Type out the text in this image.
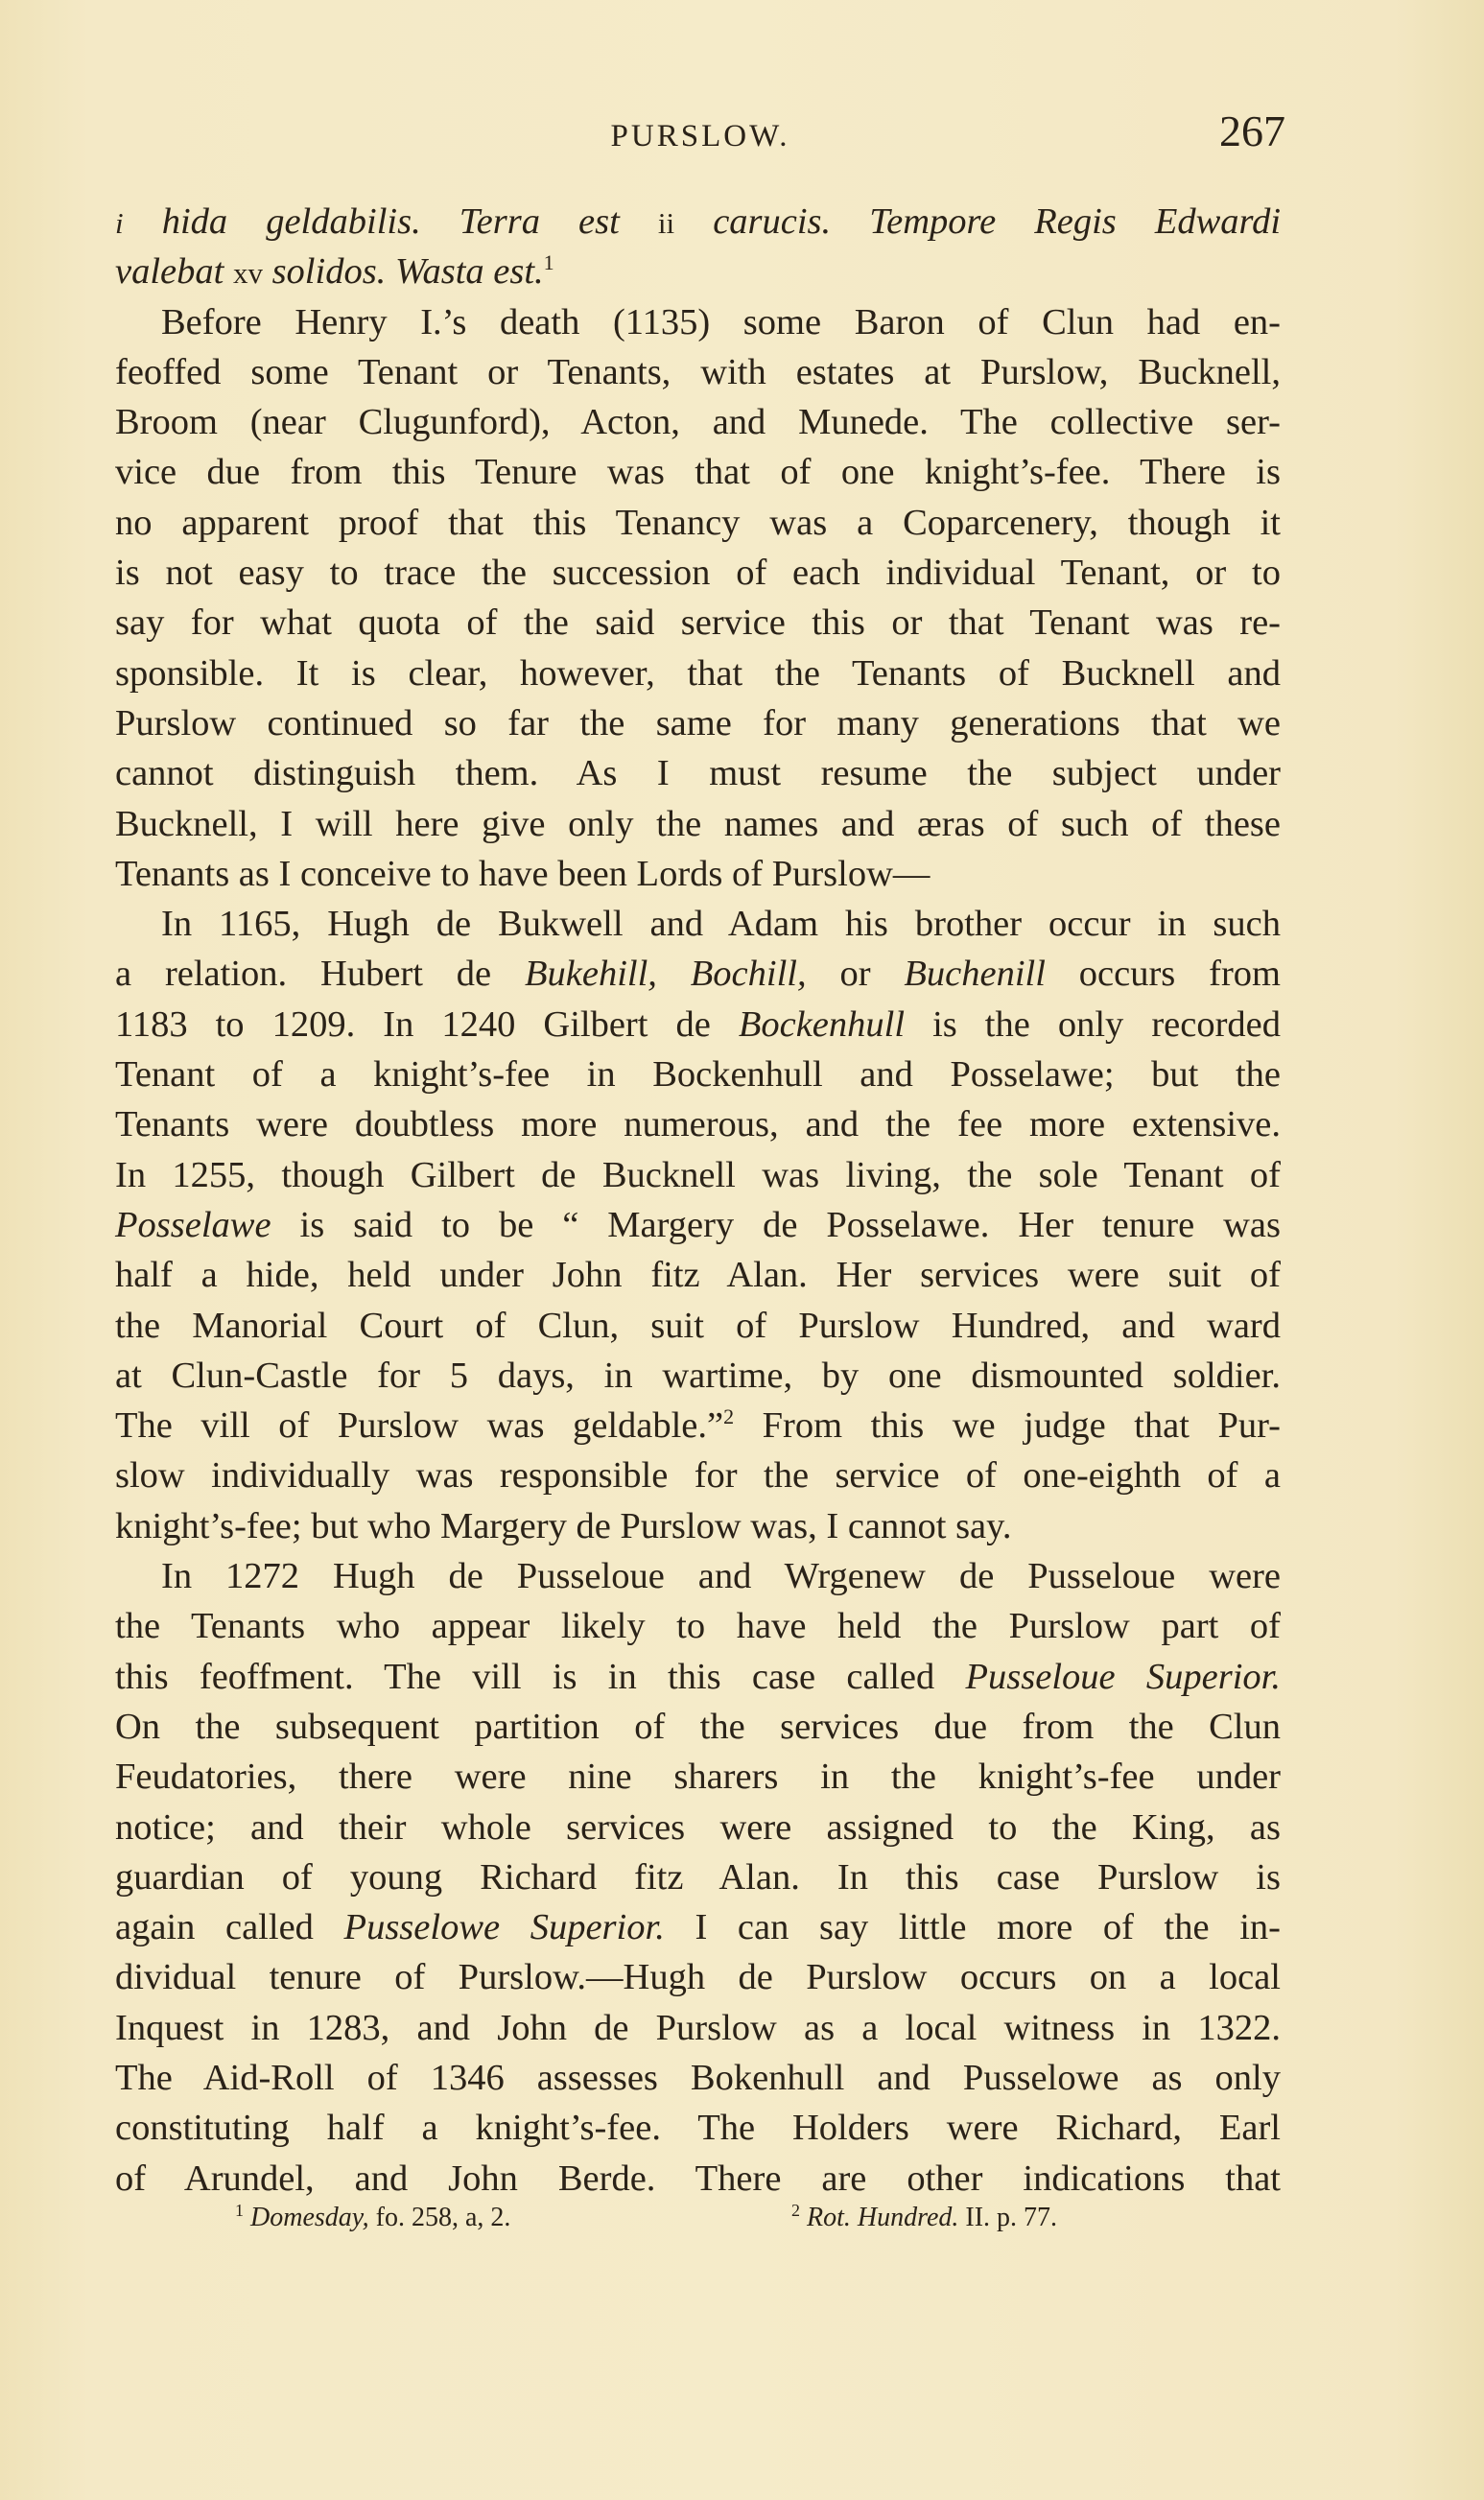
PURSLOW.	267
i hida geldabilis. Terra est ii carucis. Tempore Regis Edwardi
valebat xv solidos. Wasta est.$^1$
Before Henry I.’s death (1135) some Baron of Clun had en-
feoffed some Tenant or Tenants, with estates at Purslow, Bucknell,
Broom (near Clugunford), Acton, and Munede. The collective ser-
vice due from this Tenure was that of one knight’s-fee. There is
no apparent proof that this Tenancy was a Coparcenery, though it
is not easy to trace the succession of each individual Tenant, or to
say for what quota of the said service this or that Tenant was re-
sponsible. It is clear, however, that the Tenants of Bucknell and
Purslow continued so far the same for many generations that we
cannot distinguish them. As I must resume the subject under
Bucknell, I will here give only the names and æras of such of these
Tenants as I conceive to have been Lords of Purslow—
In 1165, Hugh de Bukwell and Adam his brother occur in such
a relation. Hubert de Bukehill, Bochill, or Buchenill occurs from
1183 to 1209. In 1240 Gilbert de Bockenhull is the only recorded
Tenant of a knight’s-fee in Bockenhull and Posselawe; but the
Tenants were doubtless more numerous, and the fee more extensive.
In 1255, though Gilbert de Bucknell was living, the sole Tenant of
Posselawe is said to be “ Margery de Posselawe. Her tenure was
half a hide, held under John fitz Alan. Her services were suit of
the Manorial Court of Clun, suit of Purslow Hundred, and ward
at Clun-Castle for 5 days, in wartime, by one dismounted soldier.
The vill of Purslow was geldable.”$^2$ From this we judge that Pur-
slow individually was responsible for the service of one-eighth of a
knight’s-fee; but who Margery de Purslow was, I cannot say.
In 1272 Hugh de Pusseloue and Wrgenew de Pusseloue were
the Tenants who appear likely to have held the Purslow part of
this feoffment. The vill is in this case called Pusseloue Superior.
On the subsequent partition of the services due from the Clun
Feudatories, there were nine sharers in the knight’s-fee under
notice; and their whole services were assigned to the King, as
guardian of young Richard fitz Alan. In this case Purslow is
again called Pusselowe Superior. I can say little more of the in-
dividual tenure of Purslow.—Hugh de Purslow occurs on a local
Inquest in 1283, and John de Purslow as a local witness in 1322.
The Aid-Roll of 1346 assesses Bokenhull and Pusselowe as only
constituting half a knight’s-fee. The Holders were Richard, Earl
of Arundel, and John Berde. There are other indications that
$^1$ Domesday, fo. 258, a, 2.	$^2$ Rot. Hundred. II. p. 77.
